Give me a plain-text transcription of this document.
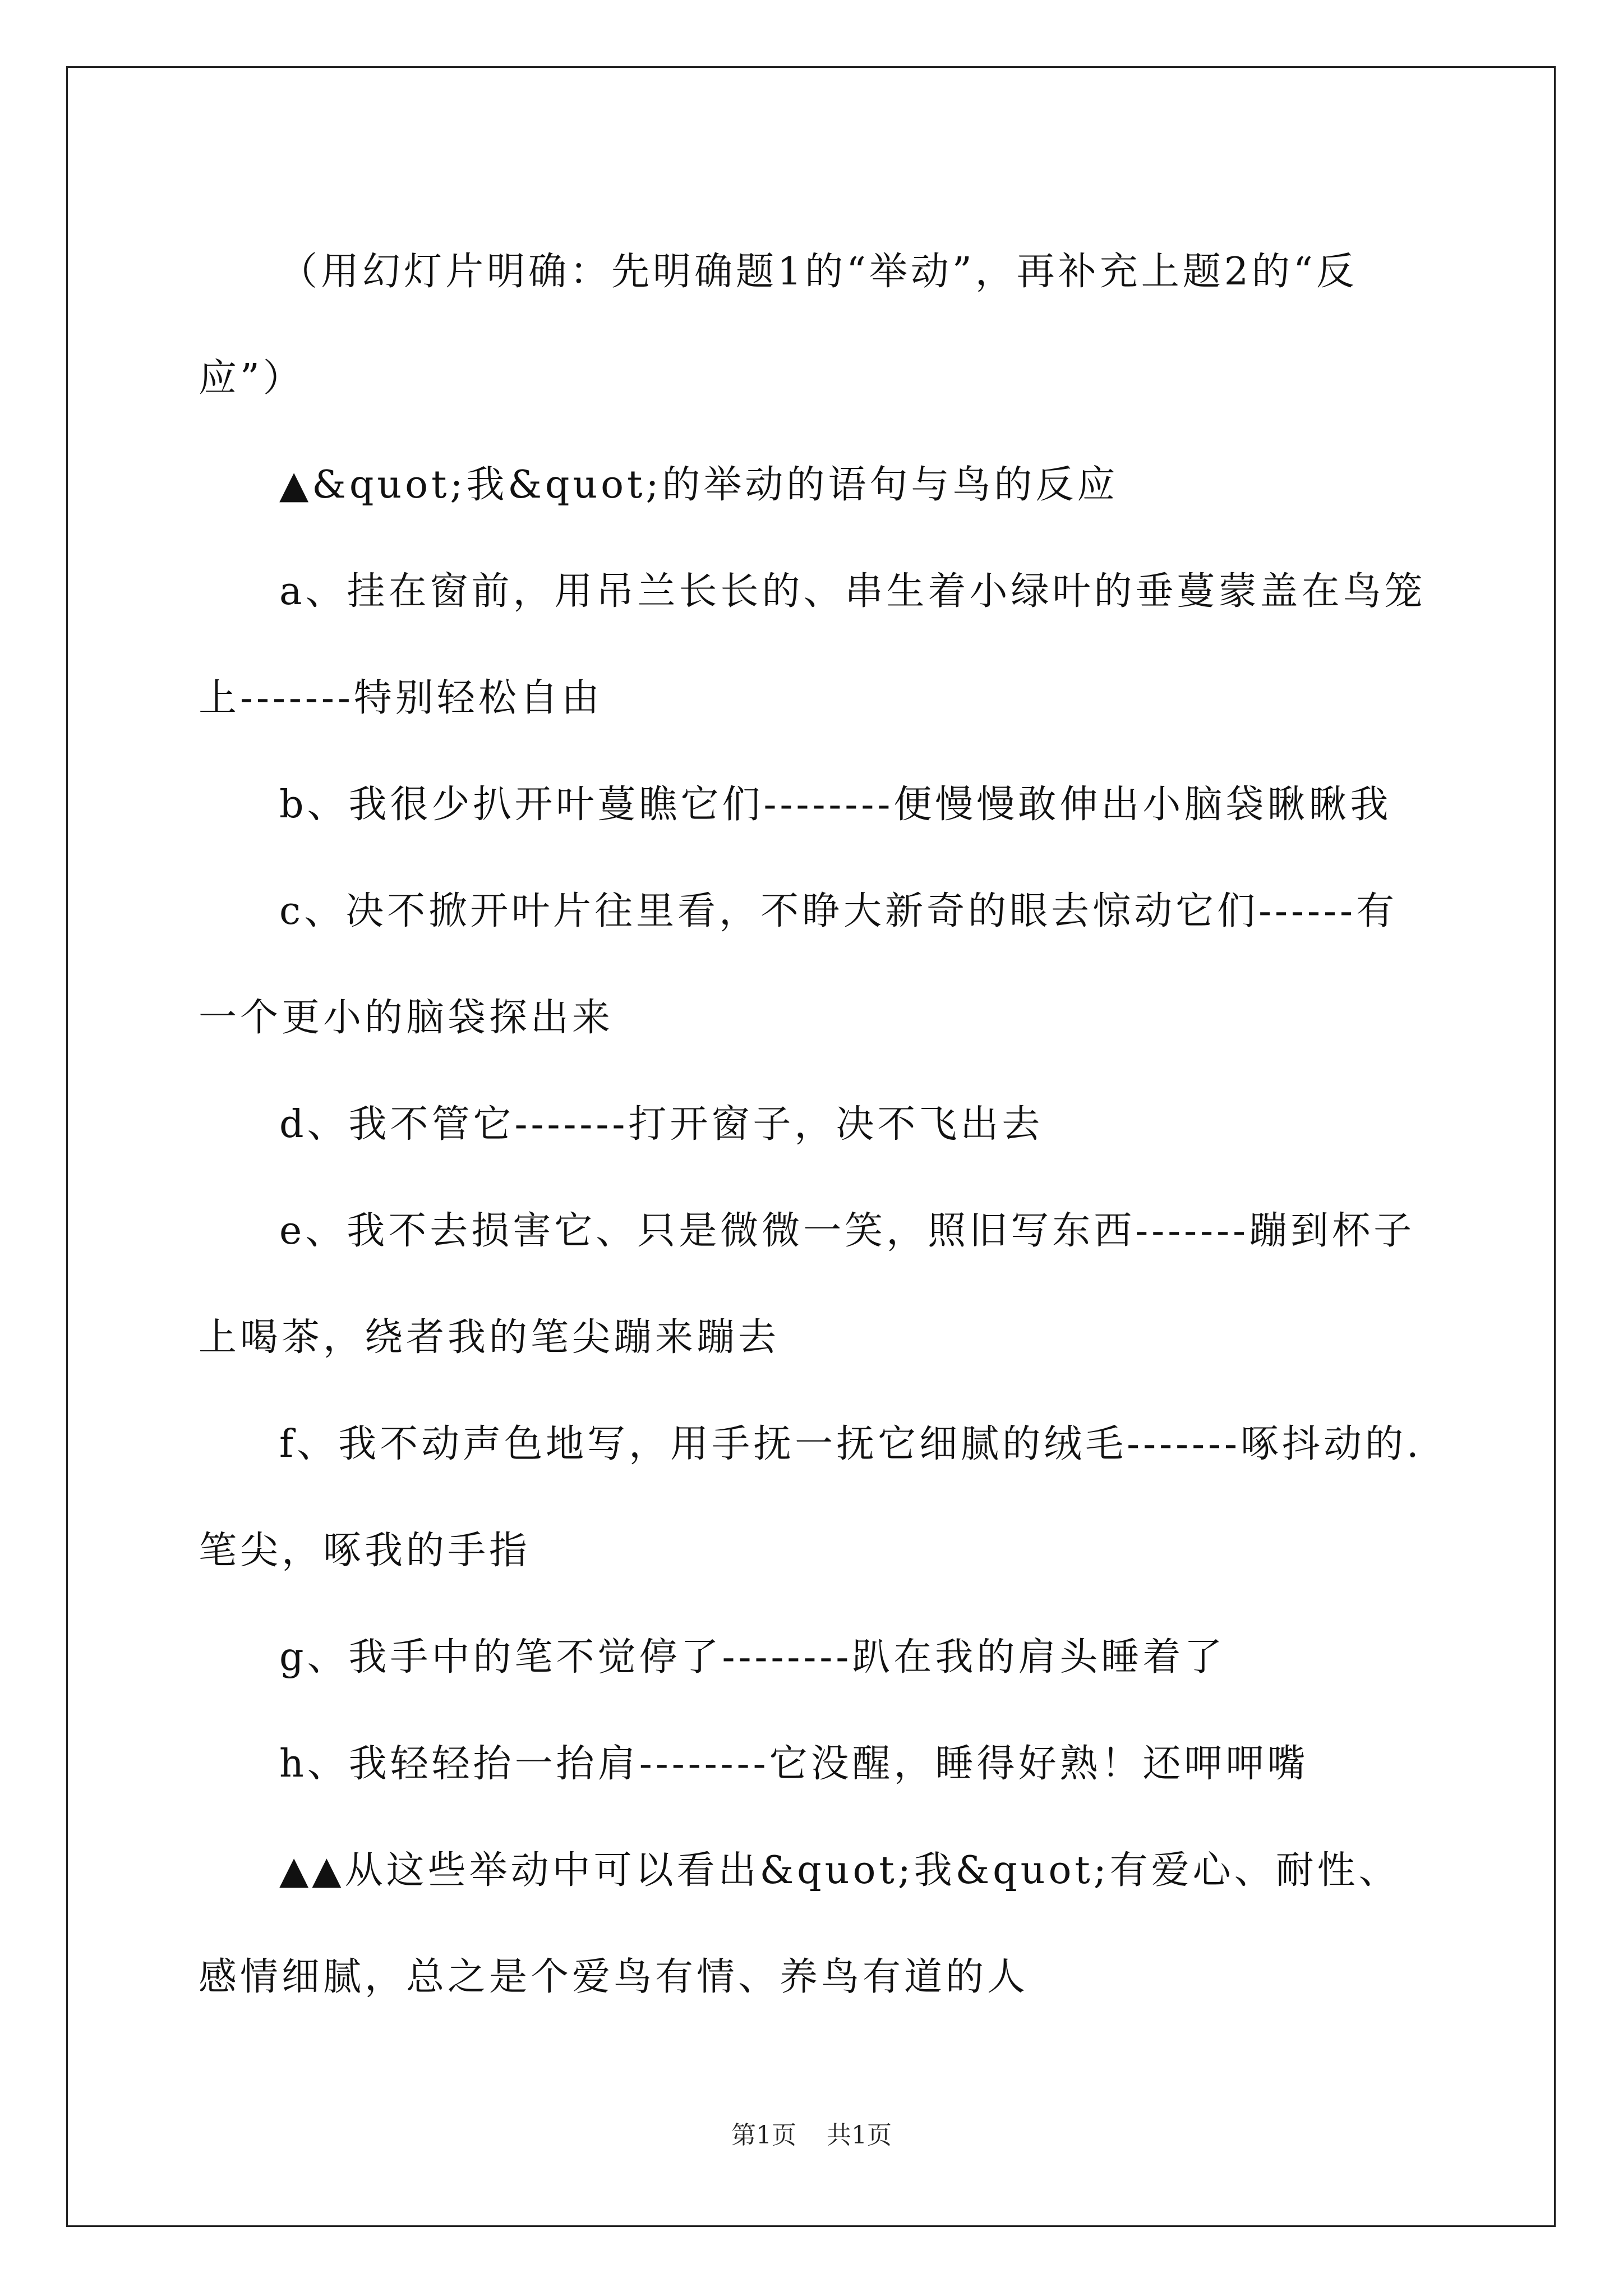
（用幻灯片明确：先明确题1的“举动”，再补充上题2的“反应”）

▲&quot;我&quot;的举动的语句与鸟的反应

a、挂在窗前，用吊兰长长的、串生着小绿叶的垂蔓蒙盖在鸟笼上-------特别轻松自由

b、我很少扒开叶蔓瞧它们--------便慢慢敢伸出小脑袋瞅瞅我

c、决不掀开叶片往里看，不睁大新奇的眼去惊动它们------有一个更小的脑袋探出来

d、我不管它-------打开窗子，决不飞出去

e、我不去损害它、只是微微一笑，照旧写东西-------蹦到杯子上喝茶，绕者我的笔尖蹦来蹦去

f、我不动声色地写，用手抚一抚它细腻的绒毛-------啄抖动的.笔尖，啄我的手指

g、我手中的笔不觉停了--------趴在我的肩头睡着了

h、我轻轻抬一抬肩--------它没醒，睡得好熟！还呷呷嘴

▲▲从这些举动中可以看出&quot;我&quot;有爱心、耐性、感情细腻，总之是个爱鸟有情、养鸟有道的人

第1页 共1页
